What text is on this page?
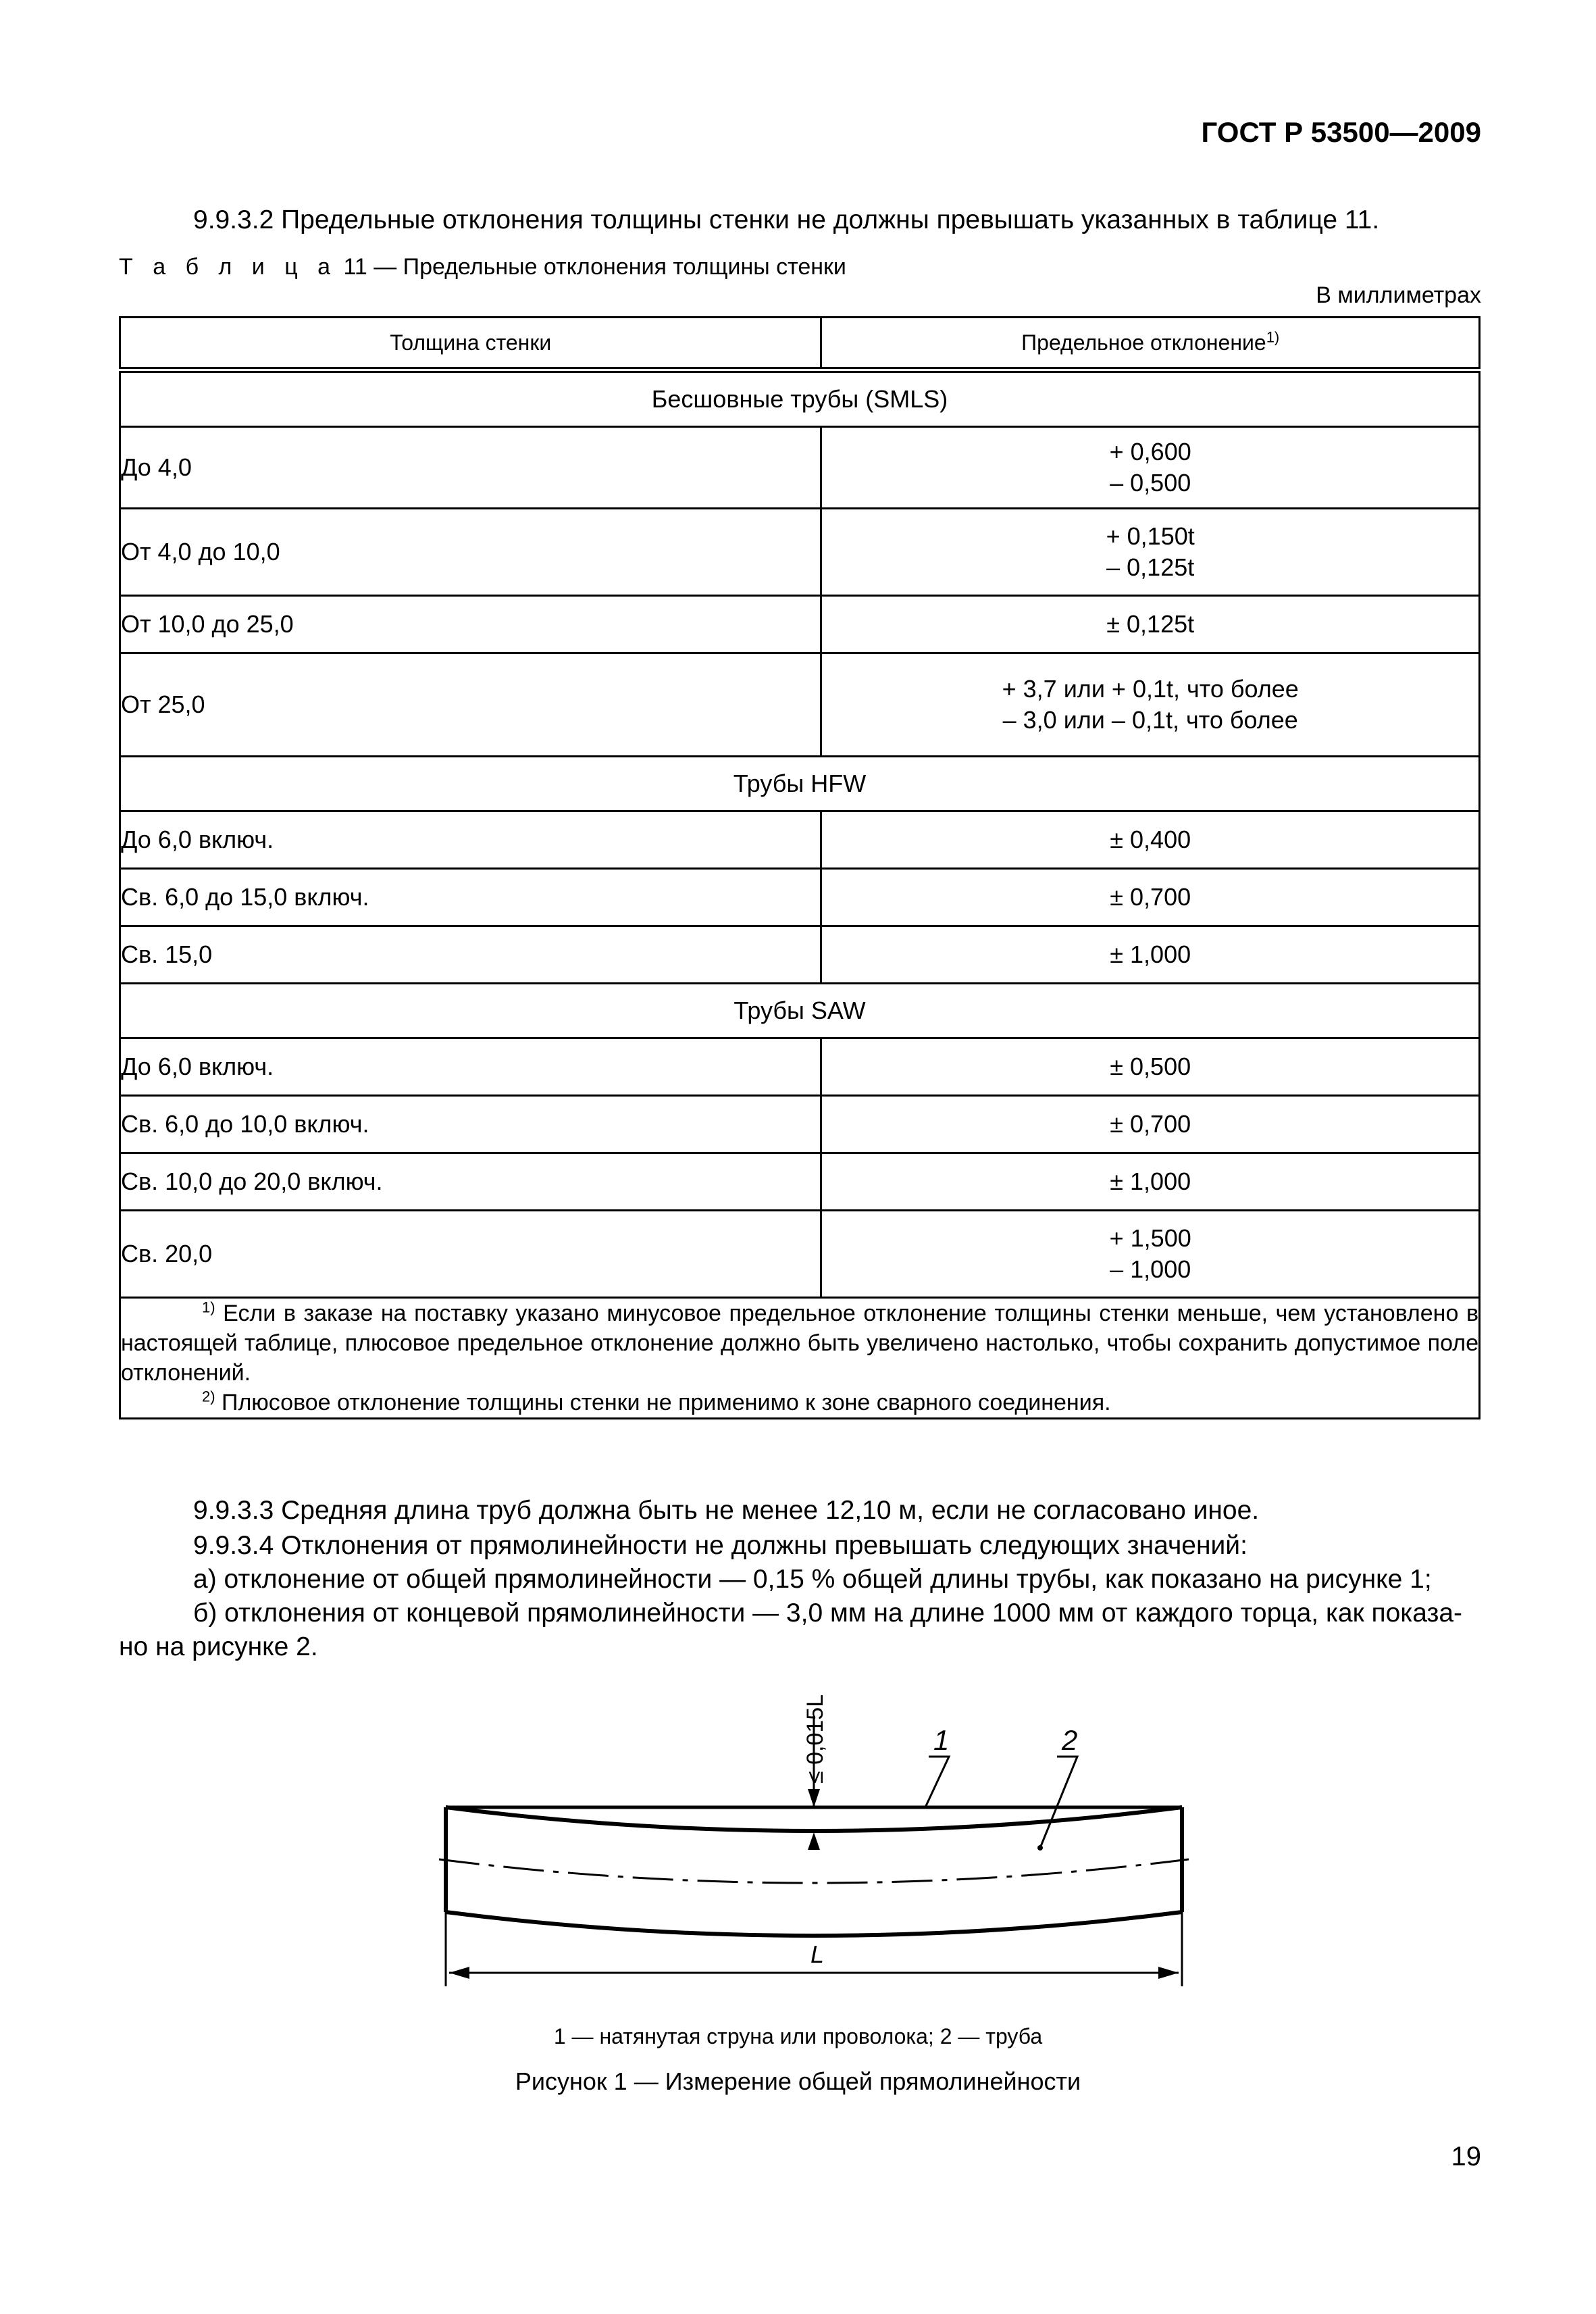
ГОСТ Р 53500—2009
9.9.3.2 Предельные отклонения толщины стенки не должны превышать указанных в таблице 11.
Т а б л и ц а 11 — Предельные отклонения толщины стенки
В миллиметрах
Толщина стенки	Предельное отклонение$^{1)}$
Бесшовные трубы (SMLS)	
До 4,0	+ 0,600
– 0,500

От 4,0 до 10,0	+ 0,150t
– 0,125t

От 10,0 до 25,0	± 0,125t

От 25,0	+ 3,7 или + 0,1t, что более
– 3,0 или – 0,1t, что более

Трубы HFW	
До 6,0 включ.	± 0,400

Св. 6,0 до 15,0 включ.	± 0,700

Св. 15,0	± 1,000

Трубы SAW	
До 6,0 включ.	± 0,500

Св. 6,0 до 10,0 включ.	± 0,700

Св. 10,0 до 20,0 включ.	± 1,000

Св. 20,0	+ 1,500
– 1,000

$^{1)}$ Если в заказе на поставку указано минусовое предельное отклонение толщины стенки меньше, чем установлено в настоящей таблице, плюсовое предельное отклонение должно быть увеличено настолько, чтобы сохранить допустимое поле отклонений.
$^{2)}$ Плюсовое отклонение толщины стенки не применимо к зоне сварного соединения.	
9.9.3.3 Средняя длина труб должна быть не менее 12,10 м, если не согласовано иное.
9.9.3.4 Отклонения от прямолинейности не должны превышать следующих значений:
а) отклонение от общей прямолинейности — 0,15 % общей длины трубы, как показано на рисунке 1;
б) отклонения от концевой прямолинейности — 3,0 мм на длине 1000 мм от каждого торца, как показа-
но на рисунке 2.
≤ 0,015L	1	2
L
1 — натянутая струна или проволока; 2 — труба
Рисунок 1 — Измерение общей прямолинейности
19
